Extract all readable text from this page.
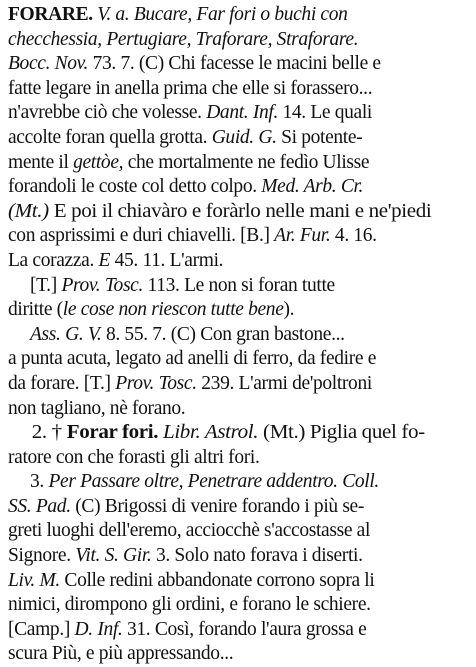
FORARE. V. a. Bucare, Far fori o buchi con
checchessia, Pertugiare, Traforare, Straforare.
Bocc. Nov. 73. 7. (C) Chi facesse le macini belle e
fatte legare in anella prima che elle si forassero...
n'avrebbe ciò che volesse. Dant. Inf. 14. Le quali
accolte foran quella grotta. Guid. G. Si potente-
mente il gettòe, che mortalmente ne fedìo Ulisse
forandoli le coste col detto colpo. Med. Arb. Cr.
(Mt.) E poi il chiavàro e foràrlo nelle mani e ne'piedi
con asprissimi e duri chiavelli. [B.] Ar. Fur. 4. 16.
La corazza. E 45. 11. L'armi.
[T.] Prov. Tosc. 113. Le non si foran tutte
diritte (le cose non riescon tutte bene).
Ass. G. V. 8. 55. 7. (C) Con gran bastone...
a punta acuta, legato ad anelli di ferro, da fedire e
da forare. [T.] Prov. Tosc. 239. L'armi de'poltroni
non tagliano, nè forano.
2. † Forar fori. Libr. Astrol. (Mt.) Piglia quel fo-
ratore con che forasti gli altri fori.
3. Per Passare oltre, Penetrare addentro. Coll.
SS. Pad. (C) Brigossi di venire forando i più se-
greti luoghi dell'eremo, acciocchè s'accostasse al
Signore. Vit. S. Gir. 3. Solo nato forava i diserti.
Liv. M. Colle redini abbandonate corrono sopra li
nimici, dirompono gli ordini, e forano le schiere.
[Camp.] D. Inf. 31. Così, forando l'aura grossa e
scura Più, e più appressando...
